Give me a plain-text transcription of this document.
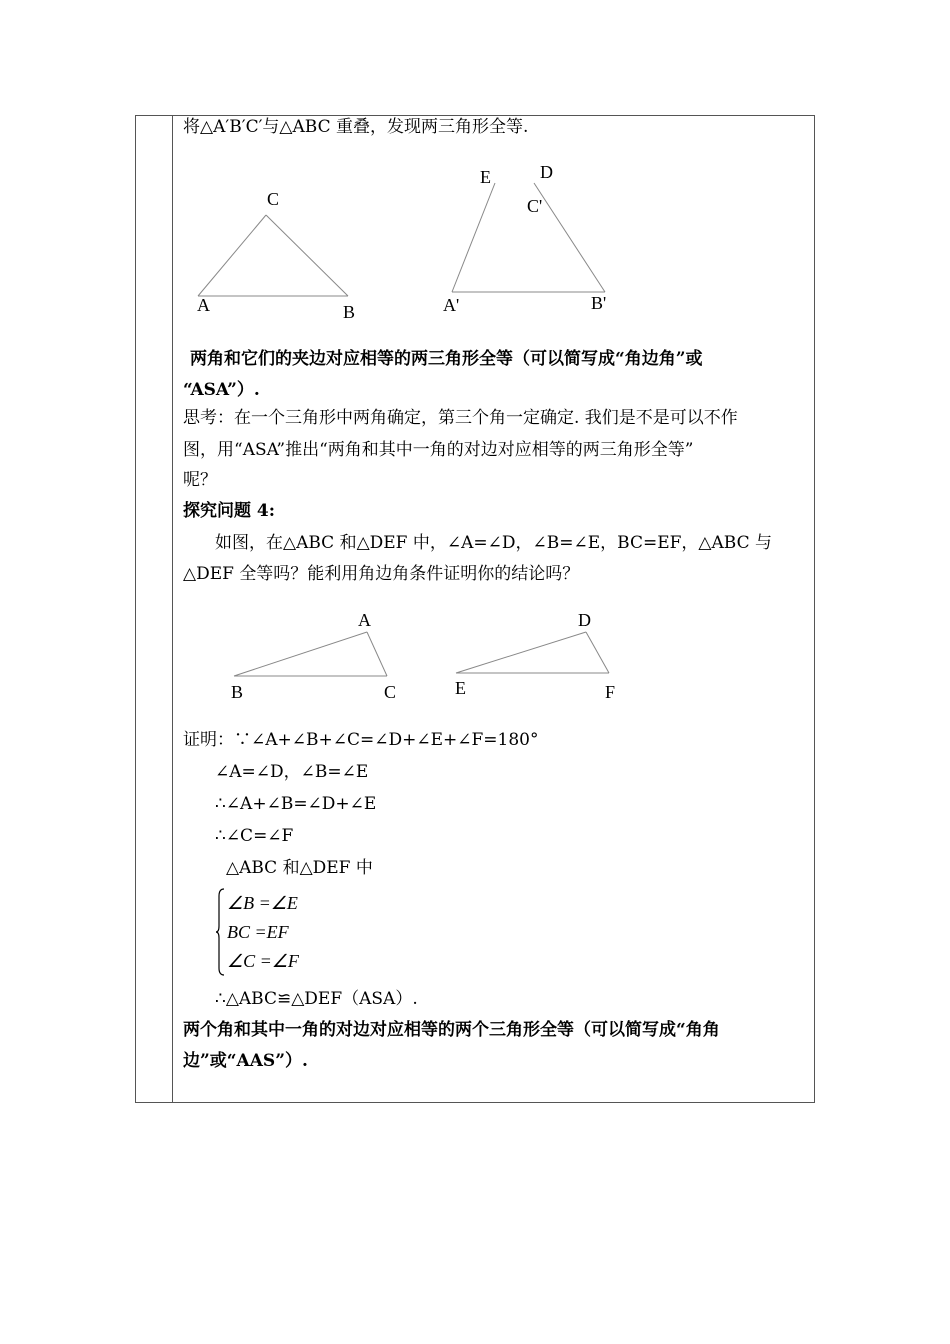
将△A′B′C′与△ABC 重叠，发现两三角形全等.
C
A	B
E	D
C'
A'	B'
两角和它们的夹边对应相等的两三角形全等（可以简写成“角边角”或
“ASA”）.
思考：在一个三角形中两角确定，第三个角一定确定. 我们是不是可以不作
图，用“ASA”推出“两角和其中一角的对边对应相等的两三角形全等”
呢？
探究问题 4:
如图，在△ABC 和△DEF 中，∠A=∠D，∠B=∠E，BC=EF，△ABC 与
△DEF 全等吗？能利用角边角条件证明你的结论吗？
A
B	C
D
E	F
证明：∵∠A+∠B+∠C=∠D+∠E+∠F=180°
∠A=∠D，∠B=∠E
∴∠A+∠B=∠D+∠E
∴∠C=∠F
△ABC 和△DEF 中
∠B =∠E
BC =EF
∠C =∠F
∴△ABC≌△DEF（ASA）.
两个角和其中一角的对边对应相等的两个三角形全等（可以简写成“角角
边”或“AAS”）.
